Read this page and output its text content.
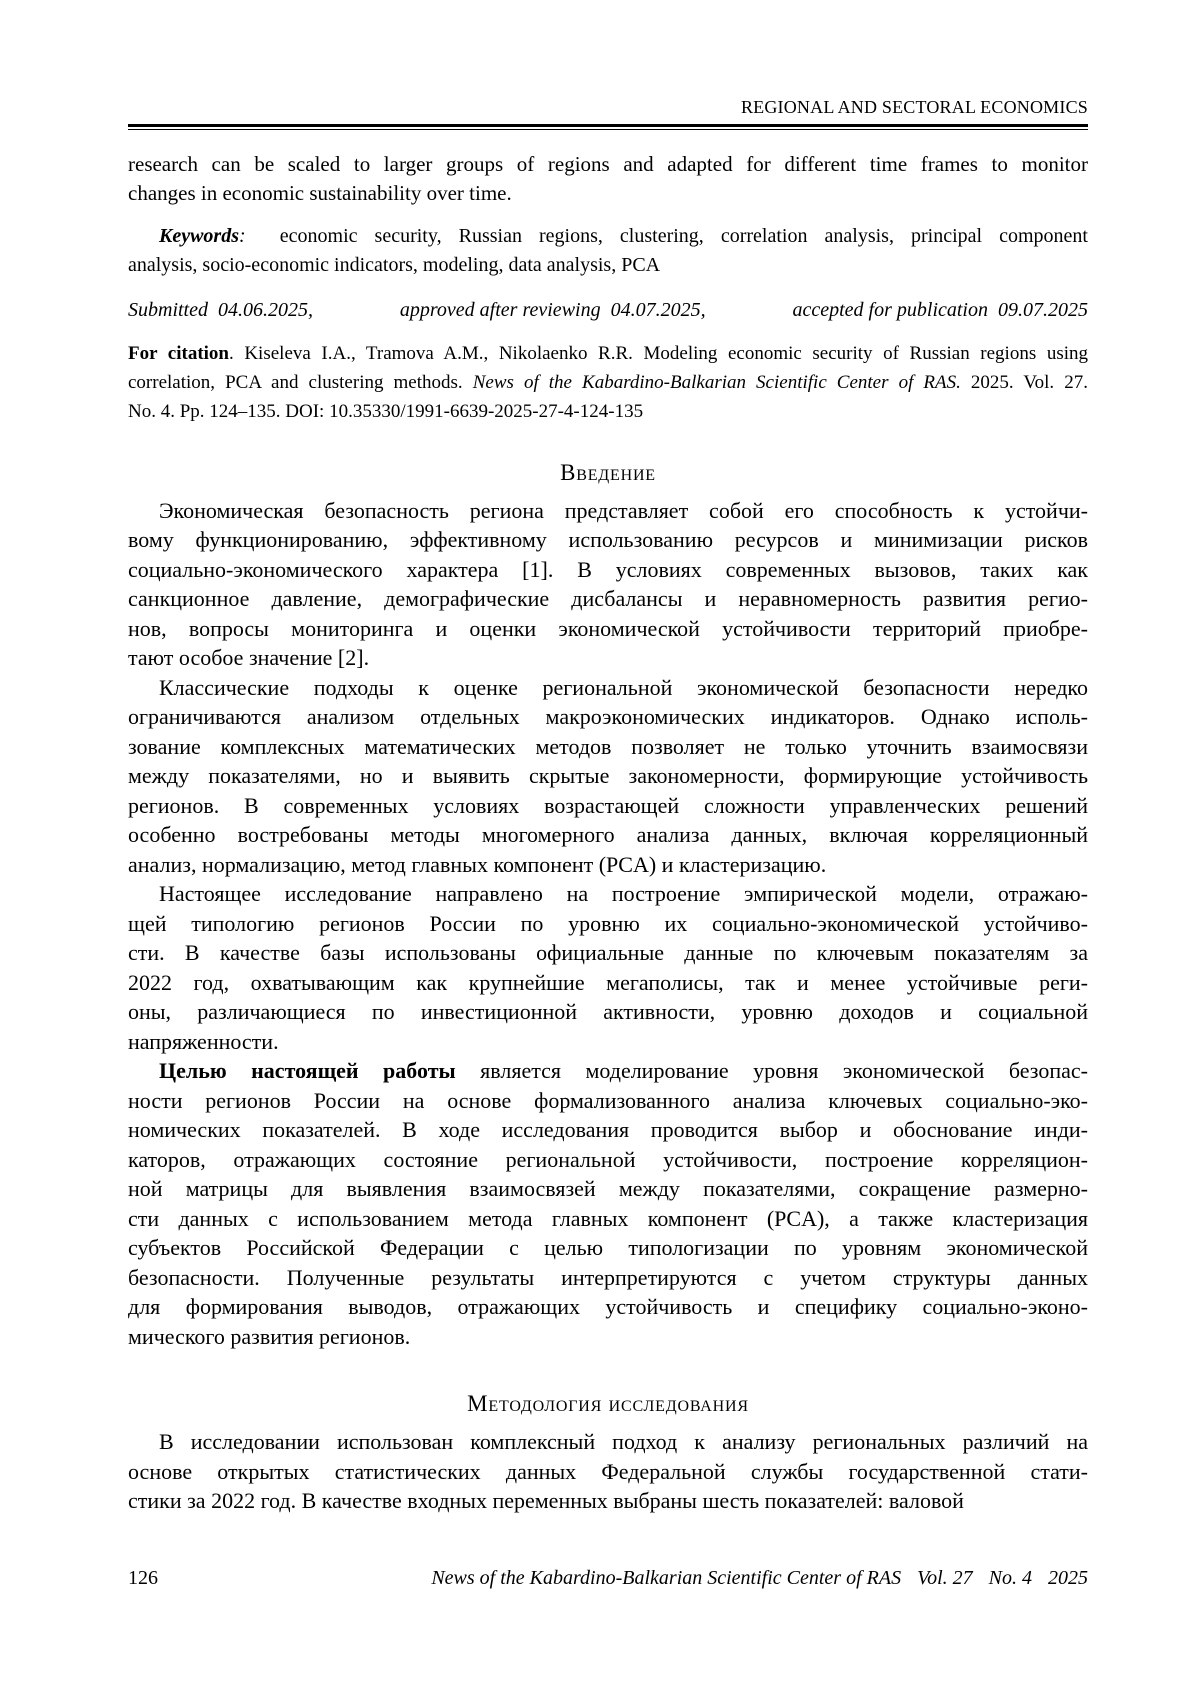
REGIONAL AND SECTORAL ECONOMICS
research can be scaled to larger groups of regions and adapted for different time frames to monitor
changes in economic sustainability over time.
Keywords:  economic security, Russian regions, clustering, correlation analysis, principal component
analysis, socio-economic indicators, modeling, data analysis, PCA
Submitted  04.06.2025,	approved after reviewing  04.07.2025,	accepted for publication  09.07.2025
For citation. Kiseleva I.A., Tramova A.M., Nikolaenko R.R. Modeling economic security of Russian regions using
correlation, PCA and clustering methods. News of the Kabardino-Balkarian Scientific Center of RAS. 2025. Vol. 27.
No. 4. Pp. 124–135. DOI: 10.35330/1991-6639-2025-27-4-124-135
Введение
Экономическая безопасность региона представляет собой его способность к устойчи-
вому функционированию, эффективному использованию ресурсов и минимизации рисков
социально-экономического характера [1]. В условиях современных вызовов, таких как
санкционное давление, демографические дисбалансы и неравномерность развития регио-
нов, вопросы мониторинга и оценки экономической устойчивости территорий приобре-
тают особое значение [2].
Классические подходы к оценке региональной экономической безопасности нередко
ограничиваются анализом отдельных макроэкономических индикаторов. Однако исполь-
зование комплексных математических методов позволяет не только уточнить взаимосвязи
между показателями, но и выявить скрытые закономерности, формирующие устойчивость
регионов. В современных условиях возрастающей сложности управленческих решений
особенно востребованы методы многомерного анализа данных, включая корреляционный
анализ, нормализацию, метод главных компонент (PCA) и кластеризацию.
Настоящее исследование направлено на построение эмпирической модели, отражаю-
щей типологию регионов России по уровню их социально-экономической устойчиво-
сти. В качестве базы использованы официальные данные по ключевым показателям за
2022 год, охватывающим как крупнейшие мегаполисы, так и менее устойчивые реги-
оны, различающиеся по инвестиционной активности, уровню доходов и социальной
напряженности.
Целью настоящей работы является моделирование уровня экономической безопас-
ности регионов России на основе формализованного анализа ключевых социально-эко-
номических показателей. В ходе исследования проводится выбор и обоснование инди-
каторов, отражающих состояние региональной устойчивости, построение корреляцион-
ной матрицы для выявления взаимосвязей между показателями, сокращение размерно-
сти данных с использованием метода главных компонент (PCA), а также кластеризация
субъектов Российской Федерации с целью типологизации по уровням экономической
безопасности. Полученные результаты интерпретируются с учетом структуры данных
для формирования выводов, отражающих устойчивость и специфику социально-эконо-
мического развития регионов.
Методология исследования
В исследовании использован комплексный подход к анализу региональных различий на
основе открытых статистических данных Федеральной службы государственной стати-
стики за 2022 год. В качестве входных переменных выбраны шесть показателей: валовой
126	News of the Kabardino-Balkarian Scientific Center of RAS Vol. 27 No. 4 2025
